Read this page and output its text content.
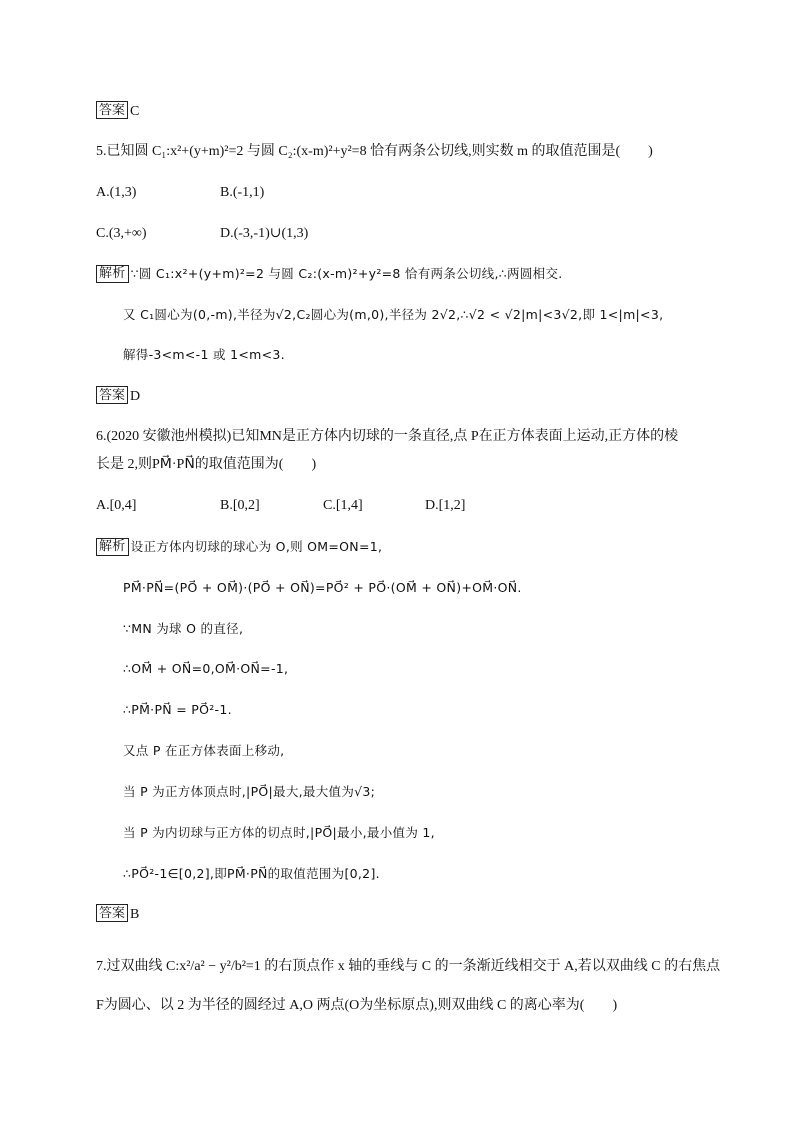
答案 C
5.已知圆 C₁:x²+(y+m)²=2 与圆 C₂:(x-m)²+y²=8 恰有两条公切线,则实数 m 的取值范围是(　　)
A.(1,3)	B.(-1,1)
C.(3,+∞)	D.(-3,-1)∪(1,3)
解析 ∵圆 C₁:x²+(y+m)²=2 与圆 C₂:(x-m)²+y²=8 恰有两条公切线,∴两圆相交.
又 C₁圆心为(0,-m),半径为√2,C₂圆心为(m,0),半径为 2√2,∴√2 < √2|m|<3√2,即 1<|m|<3,
解得-3<m<-1 或 1<m<3.
答案 D
6.(2020 安徽池州模拟)已知MN是正方体内切球的一条直径,点 P在正方体表面上运动,正方体的棱
长是 2,则PM⃗·PN⃗的取值范围为(　　)
A.[0,4]	B.[0,2]	C.[1,4]	D.[1,2]
解析 设正方体内切球的球心为 O,则 OM=ON=1,
PM⃗·PN⃗=(PO⃗ + OM⃗)·(PO⃗ + ON⃗)=PO⃗² + PO⃗·(OM⃗ + ON⃗)+OM⃗·ON⃗.
∵MN 为球 O 的直径,
∴OM⃗ + ON⃗=0,OM⃗·ON⃗=-1,
∴PM⃗·PN⃗ = PO⃗²-1.
又点 P 在正方体表面上移动,
当 P 为正方体顶点时,|PO⃗|最大,最大值为√3;
当 P 为内切球与正方体的切点时,|PO⃗|最小,最小值为 1,
∴PO⃗²-1∈[0,2],即PM⃗·PN⃗的取值范围为[0,2].
答案 B
7.过双曲线 C:x²/a² − y²/b²=1 的右顶点作 x 轴的垂线与 C 的一条渐近线相交于 A,若以双曲线 C 的右焦点
F为圆心、以 2 为半径的圆经过 A,O 两点(O为坐标原点),则双曲线 C 的离心率为(　　)
